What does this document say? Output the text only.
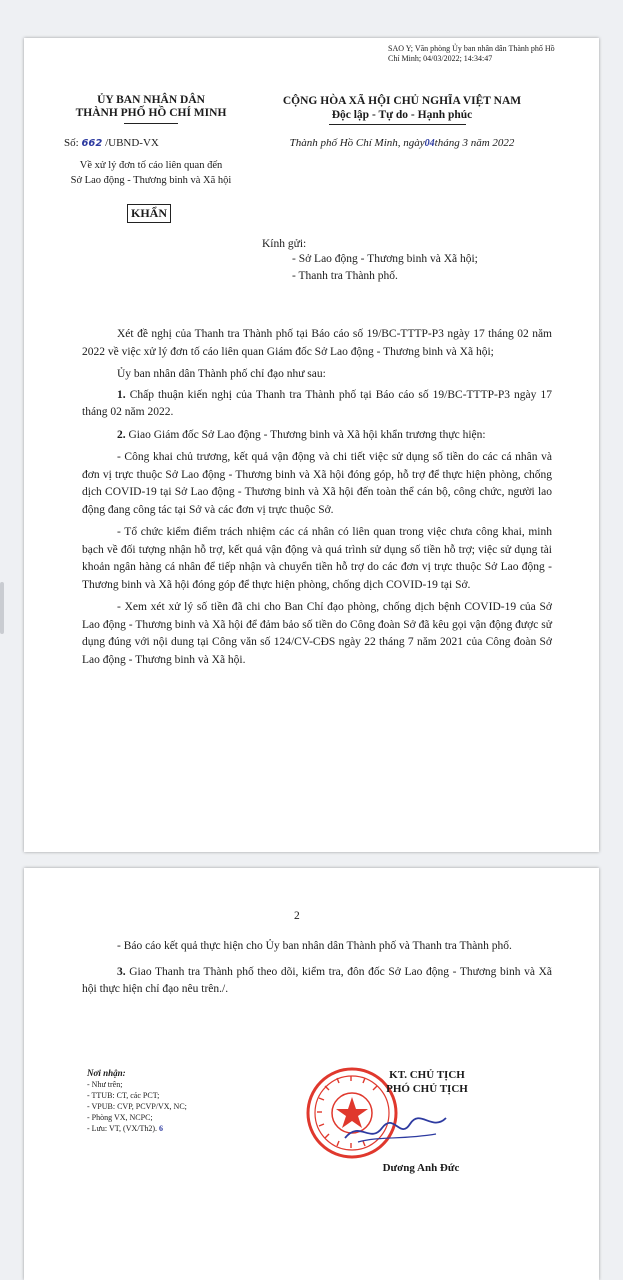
SAO Y; Văn phòng Ủy ban nhân dân Thành phố Hồ Chí Minh; 04/03/2022; 14:34:47
ỦY BAN NHÂN DÂN
THÀNH PHỐ HỒ CHÍ MINH
CỘNG HÒA XÃ HỘI CHỦ NGHĨA VIỆT NAM
Độc lập - Tự do - Hạnh phúc
Số: 662 /UBND-VX	Thành phố Hồ Chí Minh, ngày04tháng 3 năm 2022
Về xử lý đơn tố cáo liên quan đến
Sở Lao động - Thương binh và Xã hội
KHẨN
Kính gửi:
- Sở Lao động - Thương binh và Xã hội;
- Thanh tra Thành phố.

Xét đề nghị của Thanh tra Thành phố tại Báo cáo số 19/BC-TTTP-P3 ngày 17 tháng 02 năm 2022 về việc xử lý đơn tố cáo liên quan Giám đốc Sở Lao động - Thương binh và Xã hội;

Ủy ban nhân dân Thành phố chỉ đạo như sau:

1. Chấp thuận kiến nghị của Thanh tra Thành phố tại Báo cáo số 19/BC-TTTP-P3 ngày 17 tháng 02 năm 2022.

2. Giao Giám đốc Sở Lao động - Thương binh và Xã hội khẩn trương thực hiện:

- Công khai chủ trương, kết quả vận động và chi tiết việc sử dụng số tiền do các cá nhân và đơn vị trực thuộc Sở Lao động - Thương binh và Xã hội đóng góp, hỗ trợ để thực hiện phòng, chống dịch COVID-19 tại Sở Lao động - Thương binh và Xã hội đến toàn thể cán bộ, công chức, người lao động đang công tác tại Sở và các đơn vị trực thuộc Sở.

- Tổ chức kiểm điểm trách nhiệm các cá nhân có liên quan trong việc chưa công khai, minh bạch về đối tượng nhận hỗ trợ, kết quả vận động và quá trình sử dụng số tiền hỗ trợ; việc sử dụng tài khoản ngân hàng cá nhân để tiếp nhận và chuyển tiền hỗ trợ do các đơn vị trực thuộc Sở Lao động - Thương binh và Xã hội đóng góp để thực hiện phòng, chống dịch COVID-19 tại Sở.

- Xem xét xử lý số tiền đã chi cho Ban Chỉ đạo phòng, chống dịch bệnh COVID-19 của Sở Lao động - Thương binh và Xã hội để đảm bảo số tiền do Công đoàn Sở đã kêu gọi vận động được sử dụng đúng với nội dung tại Công văn số 124/CV-CĐS ngày 22 tháng 7 năm 2021 của Công đoàn Sở Lao động - Thương binh và Xã hội.

2

- Báo cáo kết quả thực hiện cho Ủy ban nhân dân Thành phố và Thanh tra Thành phố.

3. Giao Thanh tra Thành phố theo dõi, kiểm tra, đôn đốc Sở Lao động - Thương binh và Xã hội thực hiện chỉ đạo nêu trên./.

Nơi nhận:
- Như trên;
- TTUB: CT, các PCT;
- VPUB: CVP, PCVP/VX, NC;
- Phòng VX, NCPC;
- Lưu: VT, (VX/Th2). 6
KT. CHỦ TỊCH
PHÓ CHỦ TỊCH
Dương Anh Đức
